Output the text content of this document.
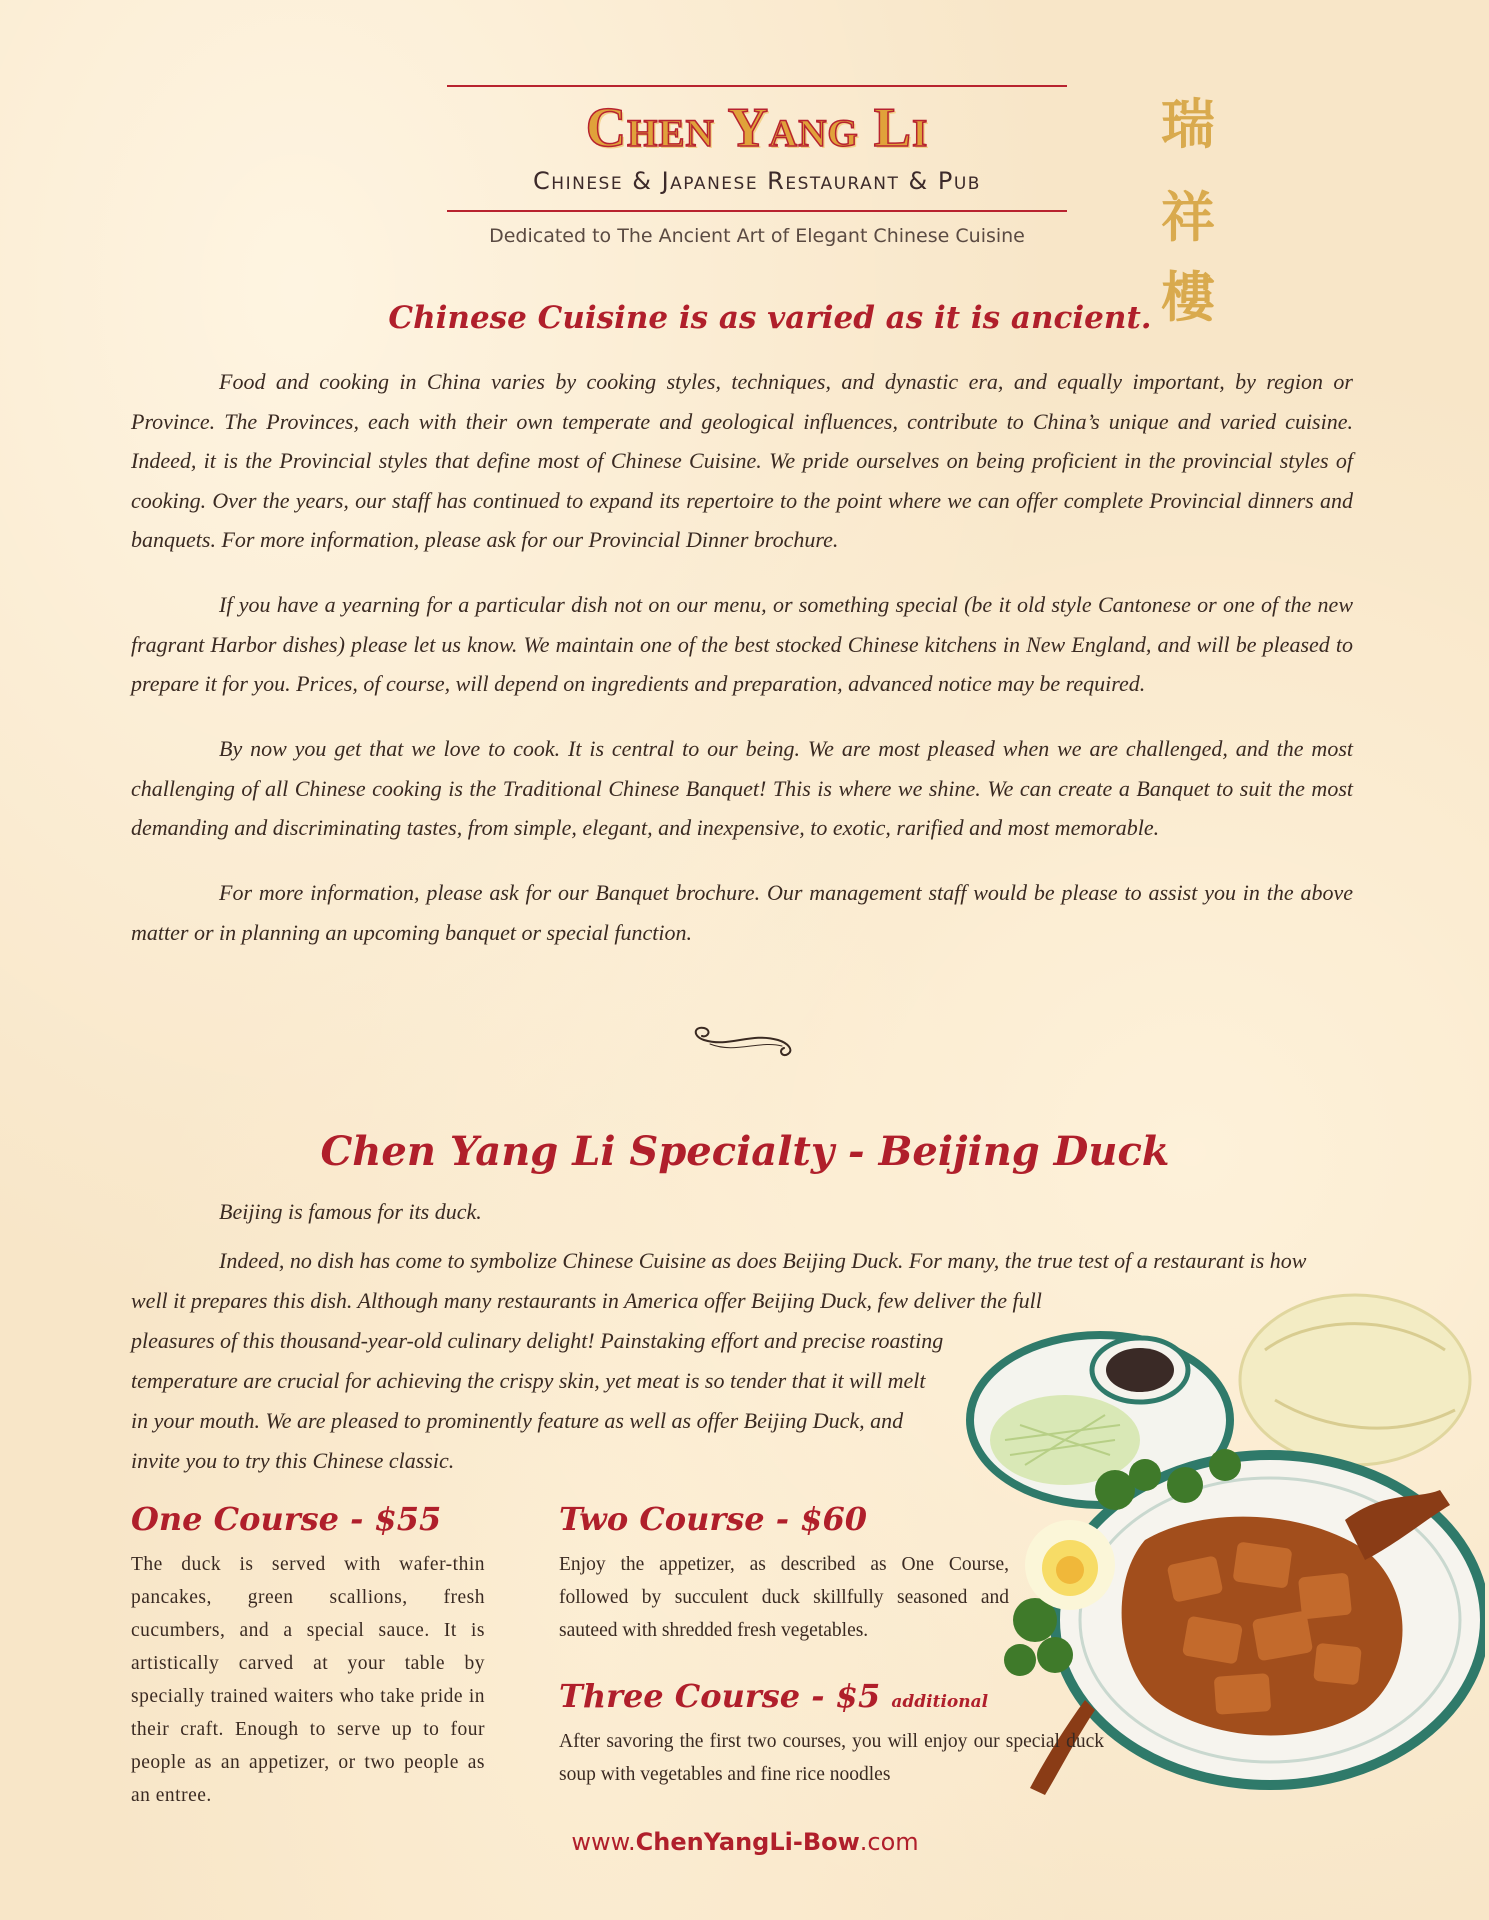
Chen Yang Li
Chinese & Japanese Restaurant & Pub
Dedicated to The Ancient Art of Elegant Chinese Cuisine
瑞
祥
樓
Chinese Cuisine is as varied as it is ancient.

Food and cooking in China varies by cooking styles, techniques, and dynastic era, and equally important, by region or Province. The Provinces, each with their own temperate and geological influences, contribute to China’s unique and varied cuisine. Indeed, it is the Provincial styles that define most of Chinese Cuisine. We pride ourselves on being proficient in the provincial styles of cooking. Over the years, our staff has continued to expand its repertoire to the point where we can offer complete Provincial dinners and banquets. For more information, please ask for our Provincial Dinner brochure.

If you have a yearning for a particular dish not on our menu, or something special (be it old style Cantonese or one of the new fragrant Harbor dishes) please let us know. We maintain one of the best stocked Chinese kitchens in New England, and will be pleased to prepare it for you. Prices, of course, will depend on ingredients and preparation, advanced notice may be required.

By now you get that we love to cook. It is central to our being. We are most pleased when we are challenged, and the most challenging of all Chinese cooking is the Traditional Chinese Banquet! This is where we shine. We can create a Banquet to suit the most demanding and discriminating tastes, from simple, elegant, and inexpensive, to exotic, rarified and most memorable.

For more information, please ask for our Banquet brochure. Our management staff would be please to assist you in the above matter or in planning an upcoming banquet or special function.

Chen Yang Li Specialty - Beijing Duck

Beijing is famous for its duck.

Indeed, no dish has come to symbolize Chinese Cuisine as does Beijing Duck. For many, the true test of a restaurant is how

well it prepares this dish. Although many restaurants in America offer Beijing Duck, few deliver the full

pleasures of this thousand-year-old culinary delight! Painstaking effort and precise roasting

temperature are crucial for achieving the crispy skin, yet meat is so tender that it will melt

in your mouth. We are pleased to prominently feature as well as offer Beijing Duck, and

invite you to try this Chinese classic.

One Course - $55

The duck is served with wafer-thin pancakes, green scallions, fresh cucumbers, and a special sauce. It is artistically carved at your table by specially trained waiters who take pride in their craft. Enough to serve up to four people as an appetizer, or two people as an entree.

Two Course - $60

Enjoy the appetizer, as described as One Course, followed by succulent duck skillfully seasoned and sauteed with shredded fresh vegetables.

Three Course - $5 additional

After savoring the first two courses, you will enjoy our special duck soup with vegetables and fine rice noodles

www.ChenYangLi-Bow.com
